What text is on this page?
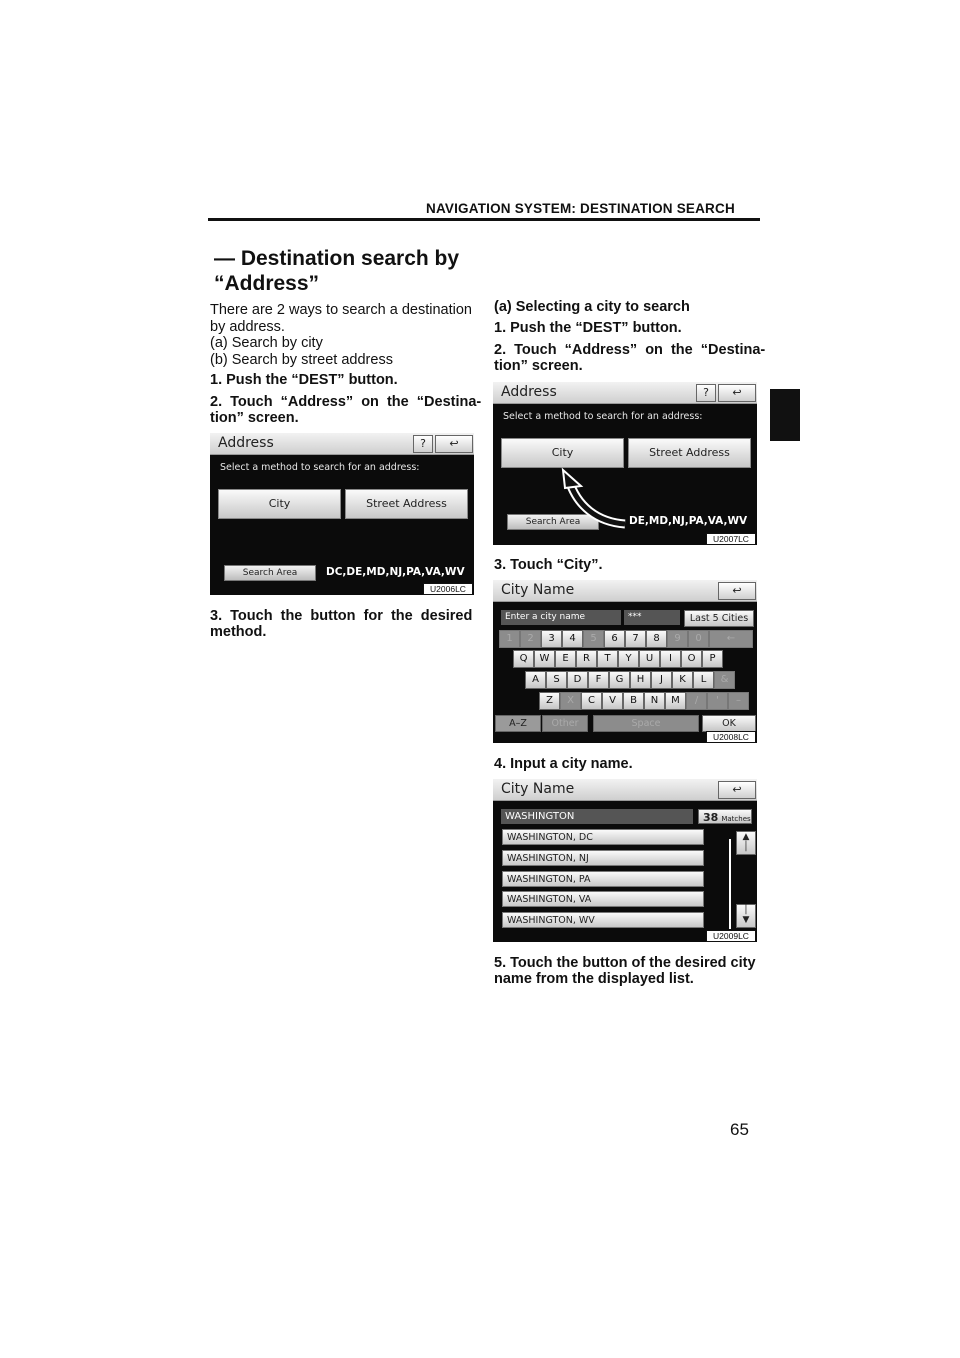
NAVIGATION SYSTEM: DESTINATION SEARCH
— Destination search by “Address”
There are 2 ways to search a destination
by address.
(a) Search by city
(b) Search by street address
1. Push the “DEST” button.
2.  Touch  “Address”  on  the  “Destina-
tion” screen.
Address	?	↩
Select a method to search for an address:
City	Street Address
Search Area	DC,DE,MD,NJ,PA,VA,WV
U2006LC
3.  Touch  the  button  for  the  desired
method.
(a) Selecting a city to search
1. Push the “DEST” button.
2.  Touch  “Address”  on  the  “Destina-
tion” screen.
Address	?	↩
Select a method to search for an address:
City	Street Address
Search Area	DE,MD,NJ,PA,VA,WV
U2007LC
3. Touch “City”.
City Name	↩
Enter a city name	***	Last 5 Cities
1	2	3	4	5	6	7	8	9	0	←
Q	W	E	R	T	Y	U	I	O	P
A	S	D	F	G	H	J	K	L	&
Z	X	C	V	B	N	M	/	'	–
A–Z	Other	Space	OK
U2008LC
4. Input a city name.
City Name	↩
WASHINGTON	38 Matches
WASHINGTON, DC
WASHINGTON, NJ
WASHINGTON, PA
WASHINGTON, VA
WASHINGTON, WV
▲
│
│
▼
U2009LC
5. Touch the button of the desired city
name from the displayed list.
65
